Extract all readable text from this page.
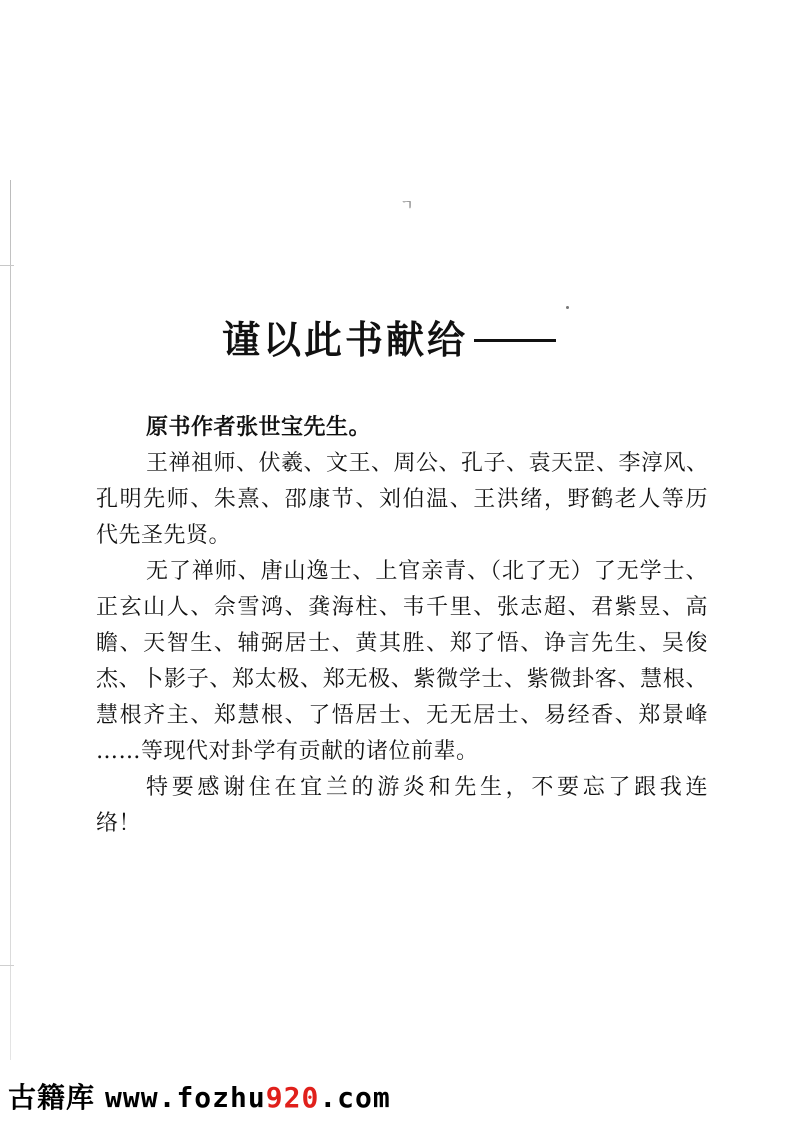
ㄱ
谨以此书献给
原书作者张世宝先生。
王禅祖师、伏羲、文王、周公、孔子、袁天罡、李淳风、
孔明先师、朱熹、邵康节、刘伯温、王洪绪，野鹤老人等历
代先圣先贤。
无了禅师、唐山逸士、上官亲青、（北了无）了无学士、
正玄山人、佘雪鸿、龚海柱、韦千里、张志超、君紫昱、高
瞻、天智生、辅弼居士、黄其胜、郑了悟、诤言先生、吴俊
杰、卜影子、郑太极、郑无极、紫微学士、紫微卦客、慧根、
慧根齐主、郑慧根、了悟居士、无无居士、易经香、郑景峰
……等现代对卦学有贡献的诸位前辈。
特要感谢住在宜兰的游炎和先生，不要忘了跟我连
络！
古籍库 www.fozhu920.com
